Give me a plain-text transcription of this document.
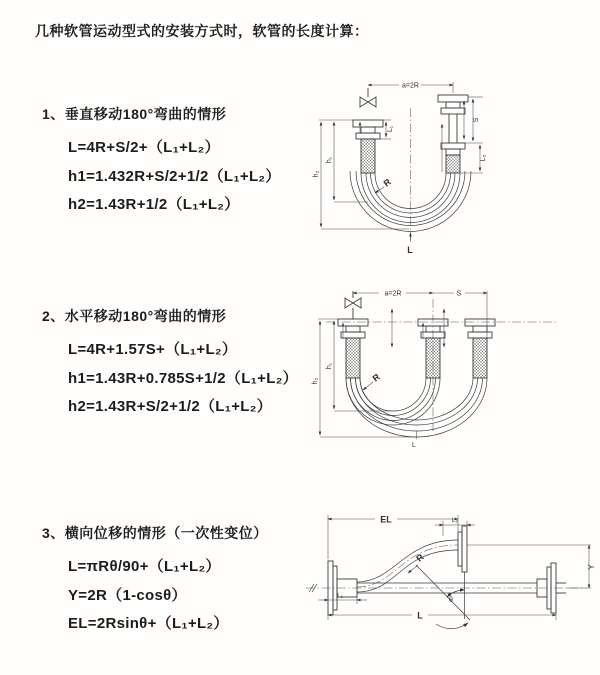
几种软管运动型式的安装方式时，软管的长度计算：
1、垂直移动180°弯曲的情形
L=4R+S/2+（L₁+L₂）
h1=1.432R+S/2+1/2（L₁+L₂）
h2=1.43R+1/2（L₁+L₂）
2、水平移动180°弯曲的情形
L=4R+1.57S+（L₁+L₂）
h1=1.43R+0.785S+1/2（L₁+L₂）
h2=1.43R+S/2+1/2（L₁+L₂）
3、横向位移的情形（一次性变位）
L=πRθ/90+（L₁+L₂）
Y=2R（1-cosθ）
EL=2Rsinθ+（L₁+L₂）
a=2R
h₁
h₂
L₁
S
L₂
R
L
a=2R	S
h₁
h₂	R
L
EL	L₂
L₁
Y
R
θ
L
